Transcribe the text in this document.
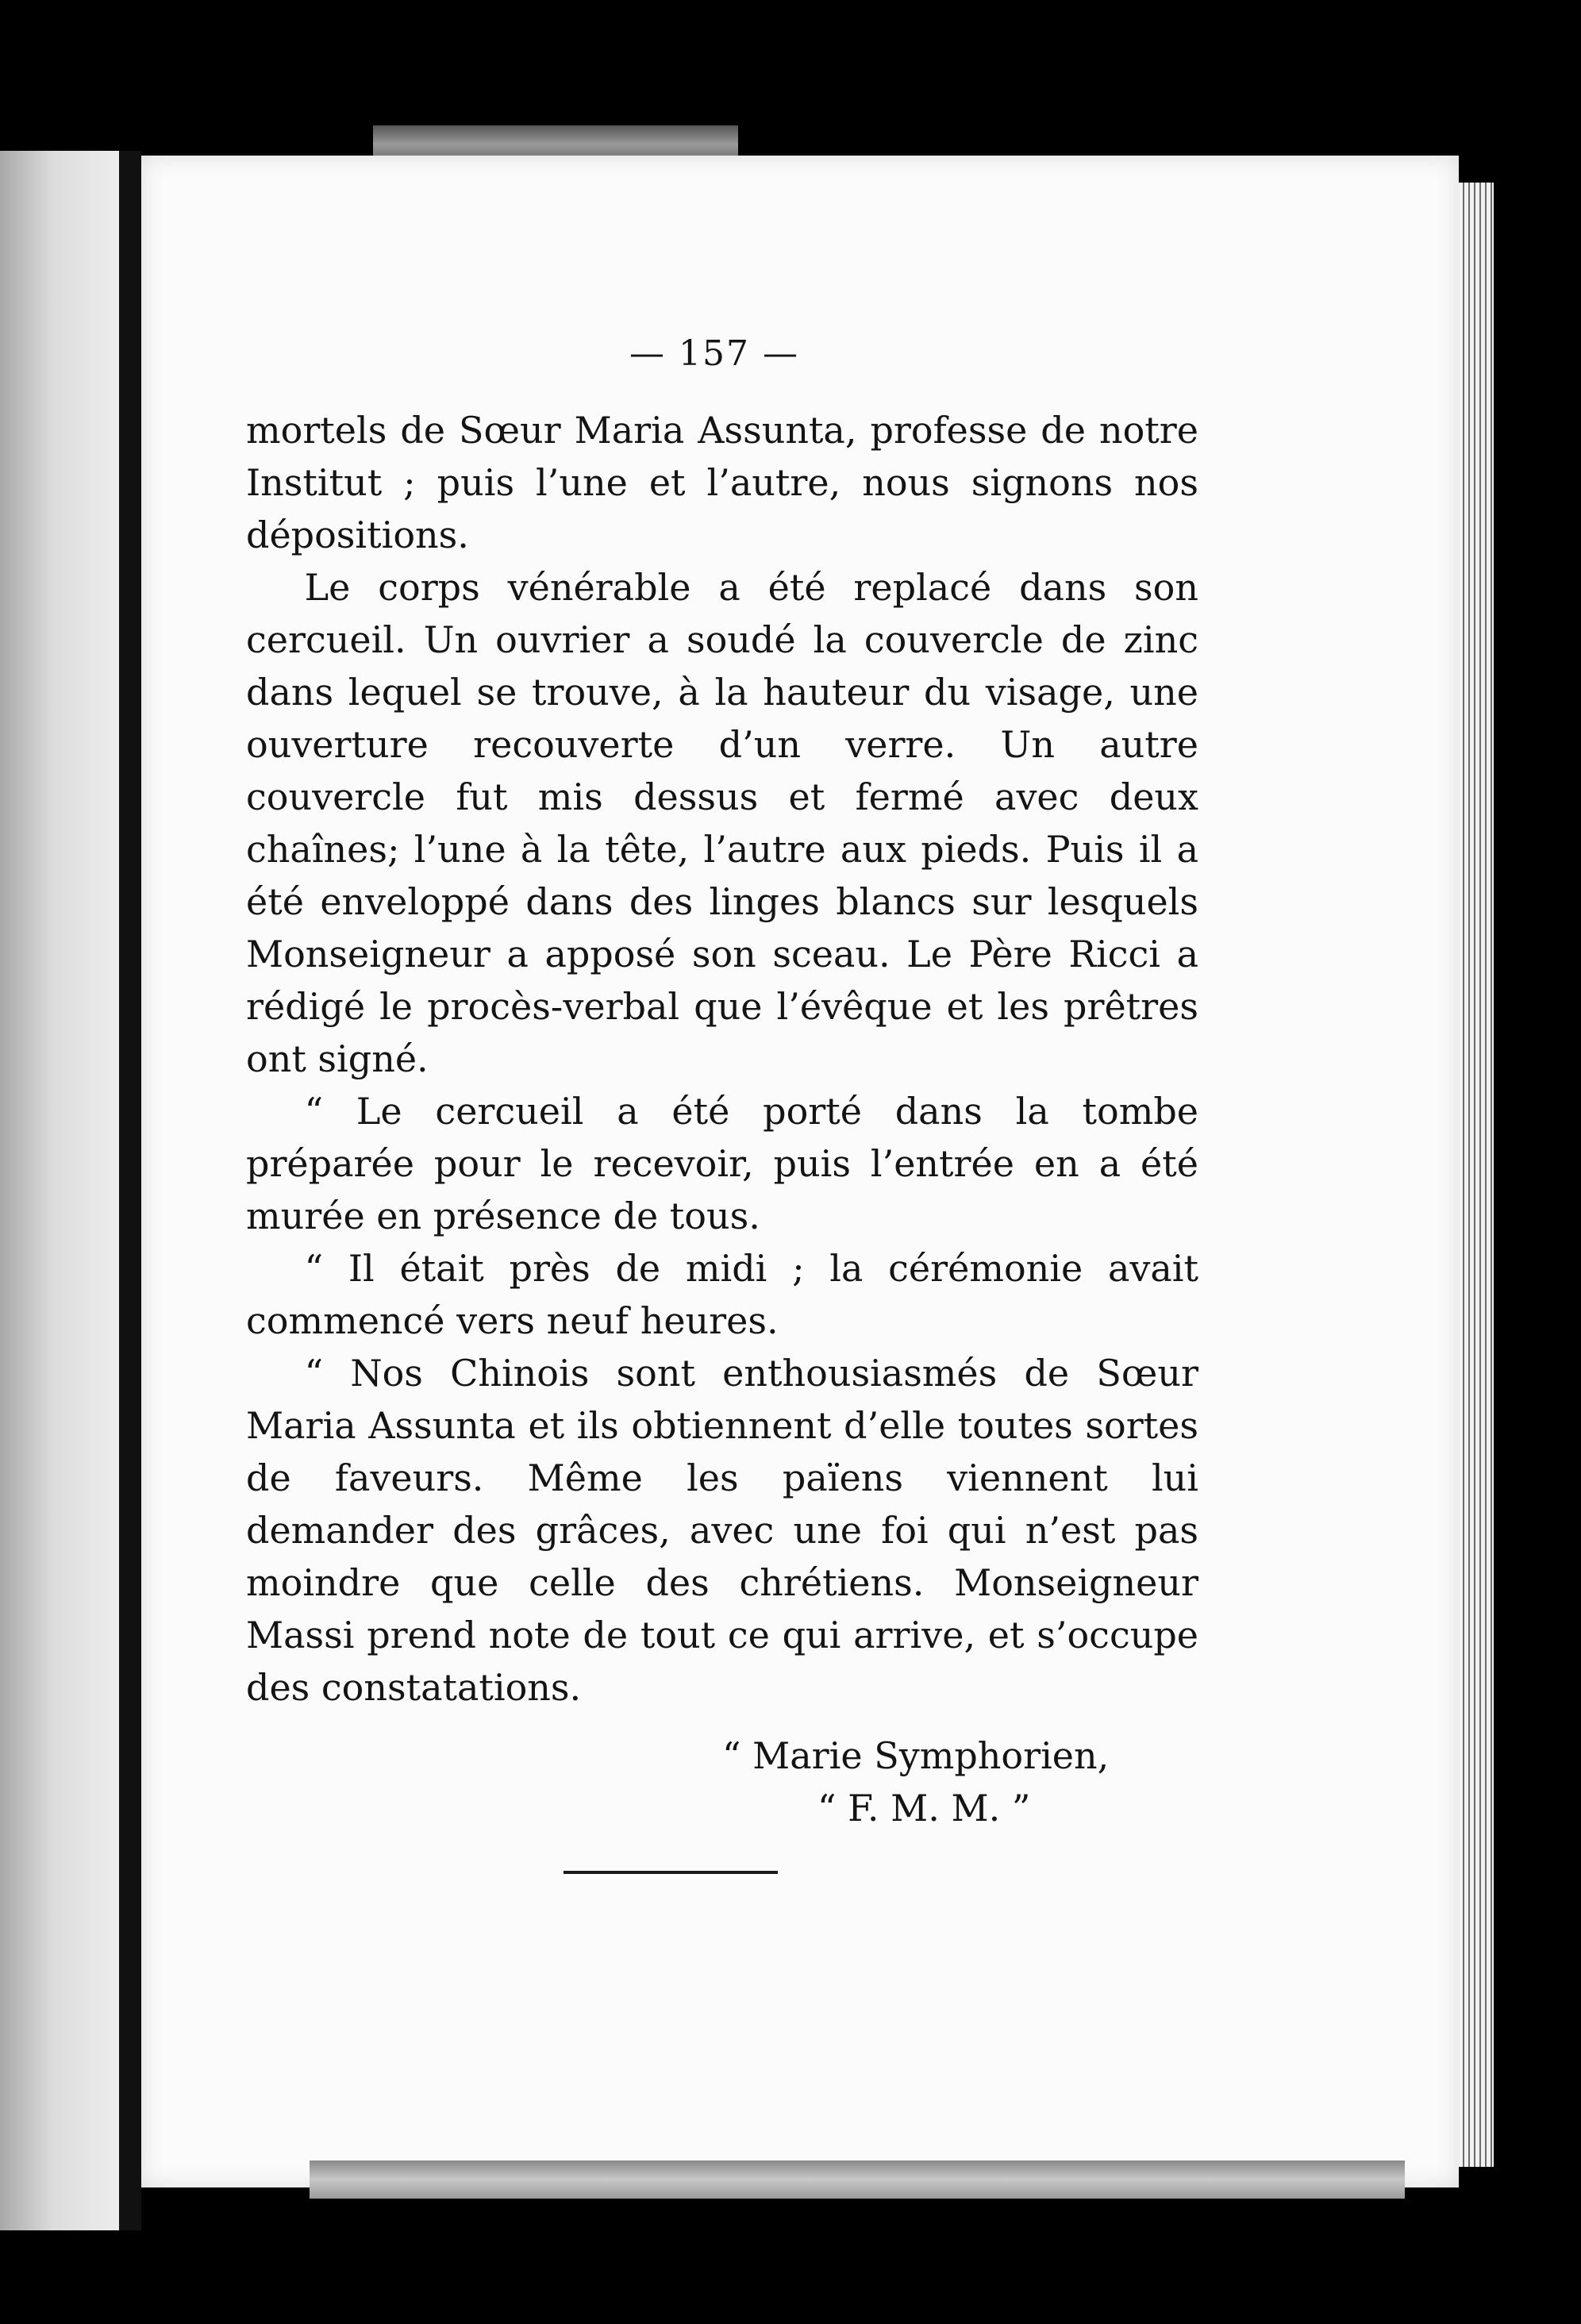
— 157 —

mortels de Sœur Maria Assunta, professe de notre Institut ; puis l’une et l’autre, nous signons nos dépositions.

Le corps vénérable a été replacé dans son cercueil. Un ouvrier a soudé la couvercle de zinc dans lequel se trouve, à la hauteur du visage, une ouverture recouverte d’un verre. Un autre couvercle fut mis dessus et fermé avec deux chaînes; l’une à la tête, l’autre aux pieds. Puis il a été enveloppé dans des linges blancs sur lesquels Monseigneur a apposé son sceau. Le Père Ricci a rédigé le procès-verbal que l’évêque et les prêtres ont signé.

“ Le cercueil a été porté dans la tombe préparée pour le recevoir, puis l’entrée en a été murée en présence de tous.

“ Il était près de midi ; la cérémonie avait commencé vers neuf heures.

“ Nos Chinois sont enthousiasmés de Sœur Maria Assunta et ils obtiennent d’elle toutes sortes de faveurs. Même les païens viennent lui demander des grâces, avec une foi qui n’est pas moindre que celle des chrétiens. Monseigneur Massi prend note de tout ce qui arrive, et s’occupe des constatations.

“ Marie Symphorien,
“ F. M. M. ”
